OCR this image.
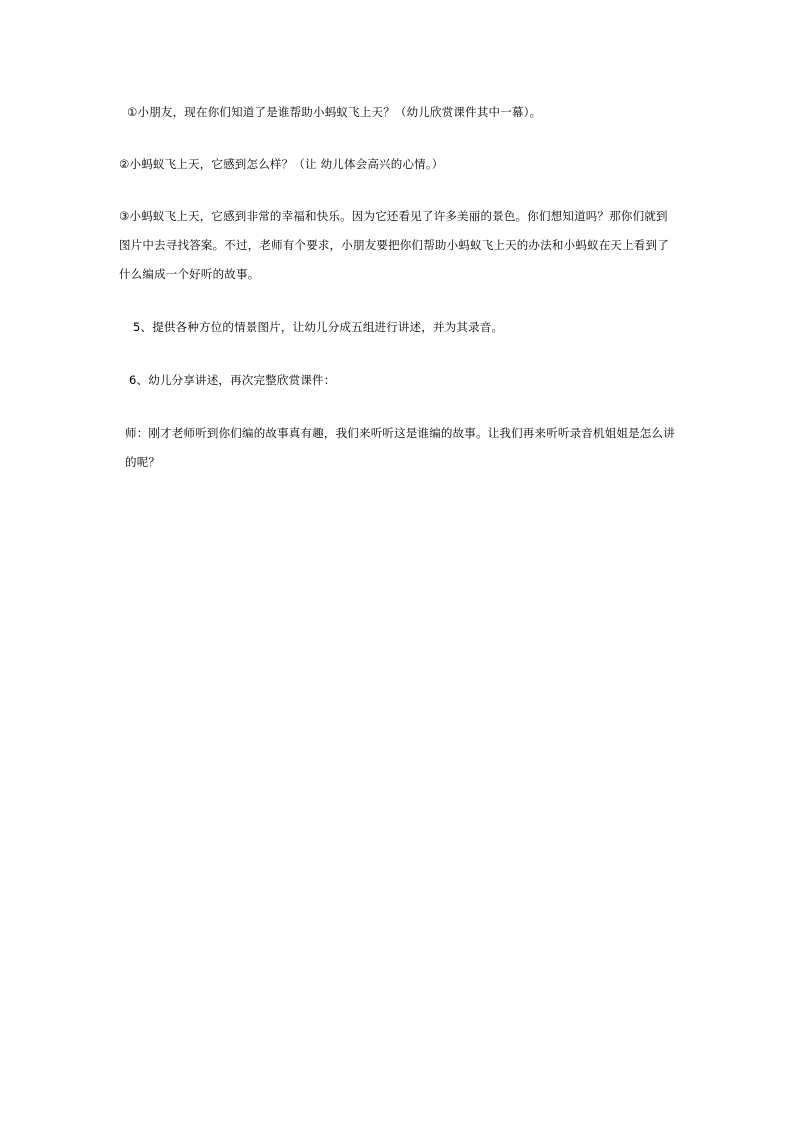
①小朋友，现在你们知道了是谁帮助小蚂蚁飞上天？（幼儿欣赏课件其中一幕）。

②小蚂蚁飞上天，它感到怎么样？（让 幼儿体会高兴的心情。）

③小蚂蚁飞上天，它感到非常的幸福和快乐。因为它还看见了许多美丽的景色。你们想知道吗？那你们就到图片中去寻找答案。不过，老师有个要求，小朋友要把你们帮助小蚂蚁飞上天的办法和小蚂蚁在天上看到了什么编成一个好听的故事。

5、提供各种方位的情景图片，让幼儿分成五组进行讲述，并为其录音。

6、幼儿分享讲述，再次完整欣赏课件：

师：刚才老师听到你们编的故事真有趣，我们来听听这是谁编的故事。让我们再来听听录音机姐姐是怎么讲的呢？
